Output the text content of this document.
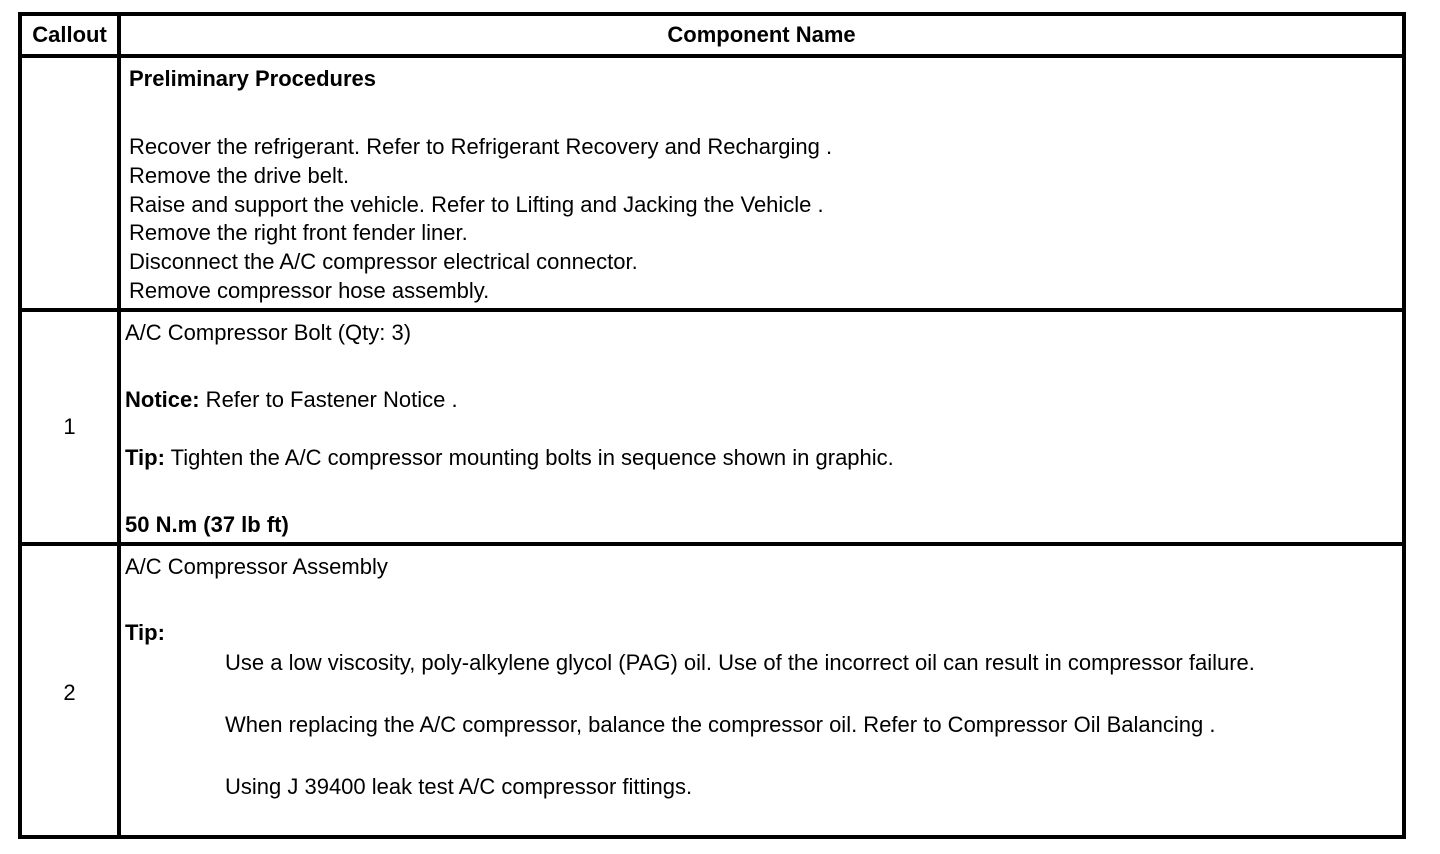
Callout	Component Name
Preliminary Procedures
Recover the refrigerant. Refer to Refrigerant Recovery and Recharging .
Remove the drive belt.
Raise and support the vehicle. Refer to Lifting and Jacking the Vehicle .
Remove the right front fender liner.
Disconnect the A/C compressor electrical connector.
Remove compressor hose assembly.
1
A/C Compressor Bolt (Qty: 3)
Notice: Refer to Fastener Notice .
Tip: Tighten the A/C compressor mounting bolts in sequence shown in graphic.
50 N.m (37 lb ft)
2
A/C Compressor Assembly
Tip:
Use a low viscosity, poly-alkylene glycol (PAG) oil. Use of the incorrect oil can result in compressor failure.
When replacing the A/C compressor, balance the compressor oil. Refer to Compressor Oil Balancing .
Using J 39400 leak test A/C compressor fittings.
